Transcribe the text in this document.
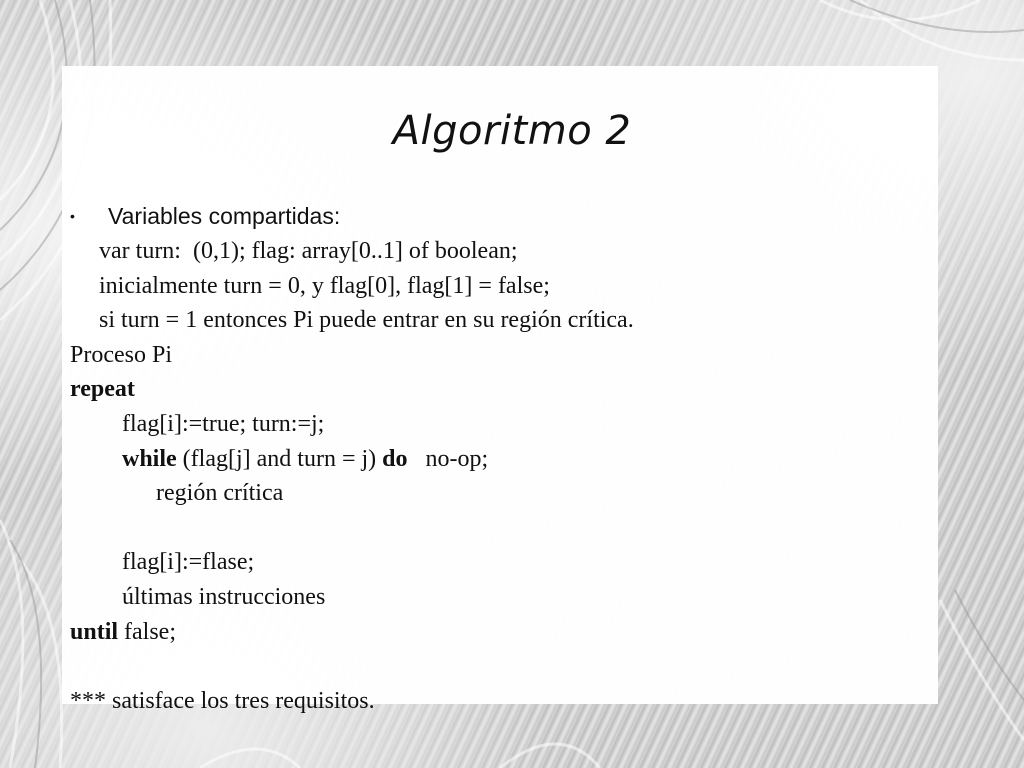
Algoritmo 2
• Variables compartidas:
var turn:  (0,1); flag: array[0..1] of boolean;
inicialmente turn = 0, y flag[0], flag[1] = false;
si turn = 1 entonces Pi puede entrar en su región crítica.
Proceso Pi
repeat
flag[i]:=true; turn:=j;
while (flag[j] and turn = j) do   no-op;
región crítica

flag[i]:=flase;
últimas instrucciones
until false;

*** satisface los tres requisitos.
